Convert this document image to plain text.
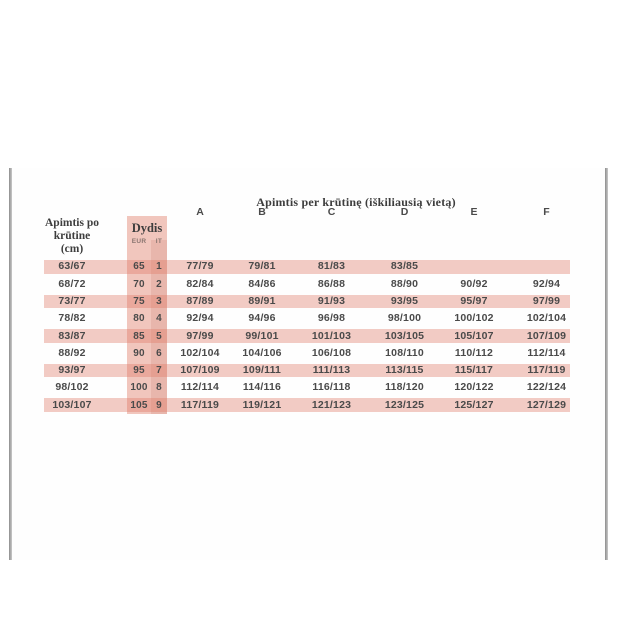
Apimtis per krūtinę (iškiliausią vietą)
Apimtis po
krūtine
(cm)
Dydis
EUR	IT
A	B	C	D	E	F
63/67	65	1	77/79	79/81	81/83	83/85
68/72	70	2	82/84	84/86	86/88	88/90	90/92	92/94
73/77	75	3	87/89	89/91	91/93	93/95	95/97	97/99
78/82	80	4	92/94	94/96	96/98	98/100	100/102	102/104
83/87	85	5	97/99	99/101	101/103	103/105	105/107	107/109
88/92	90	6	102/104	104/106	106/108	108/110	110/112	112/114
93/97	95	7	107/109	109/111	111/113	113/115	115/117	117/119
98/102	100 8	112/114	114/116	116/118	118/120	120/122	122/124
103/107	105 9	117/119	119/121	121/123	123/125	125/127	127/129
